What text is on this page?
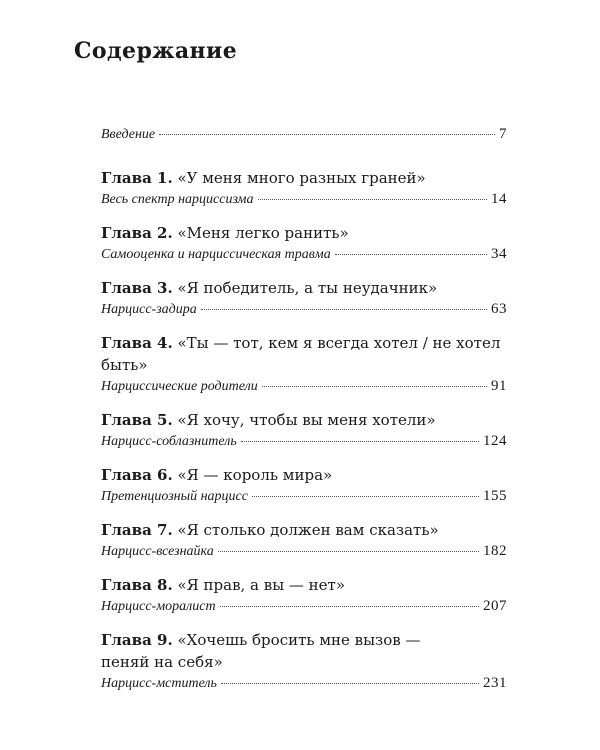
Содержание
Введение	7

Глава 1. «У меня много разных граней»

Весь спектр нарциссизма	14

Глава 2. «Меня легко ранить»

Самооценка и нарциссическая травма	34

Глава 3. «Я победитель, а ты неудачник»

Нарцисс-задира	63

Глава 4. «Ты — тот, кем я всегда хотел / не хотел быть»

Нарциссические родители	91

Глава 5. «Я хочу, чтобы вы меня хотели»

Нарцисс-соблазнитель	124

Глава 6. «Я — король мира»

Претенциозный нарцисс	155

Глава 7. «Я столько должен вам сказать»

Нарцисс-всезнайка	182

Глава 8. «Я прав, а вы — нет»

Нарцисс-моралист	207

Глава 9. «Хочешь бросить мне вызов — пеняй на себя»

Нарцисс-мститель	231
